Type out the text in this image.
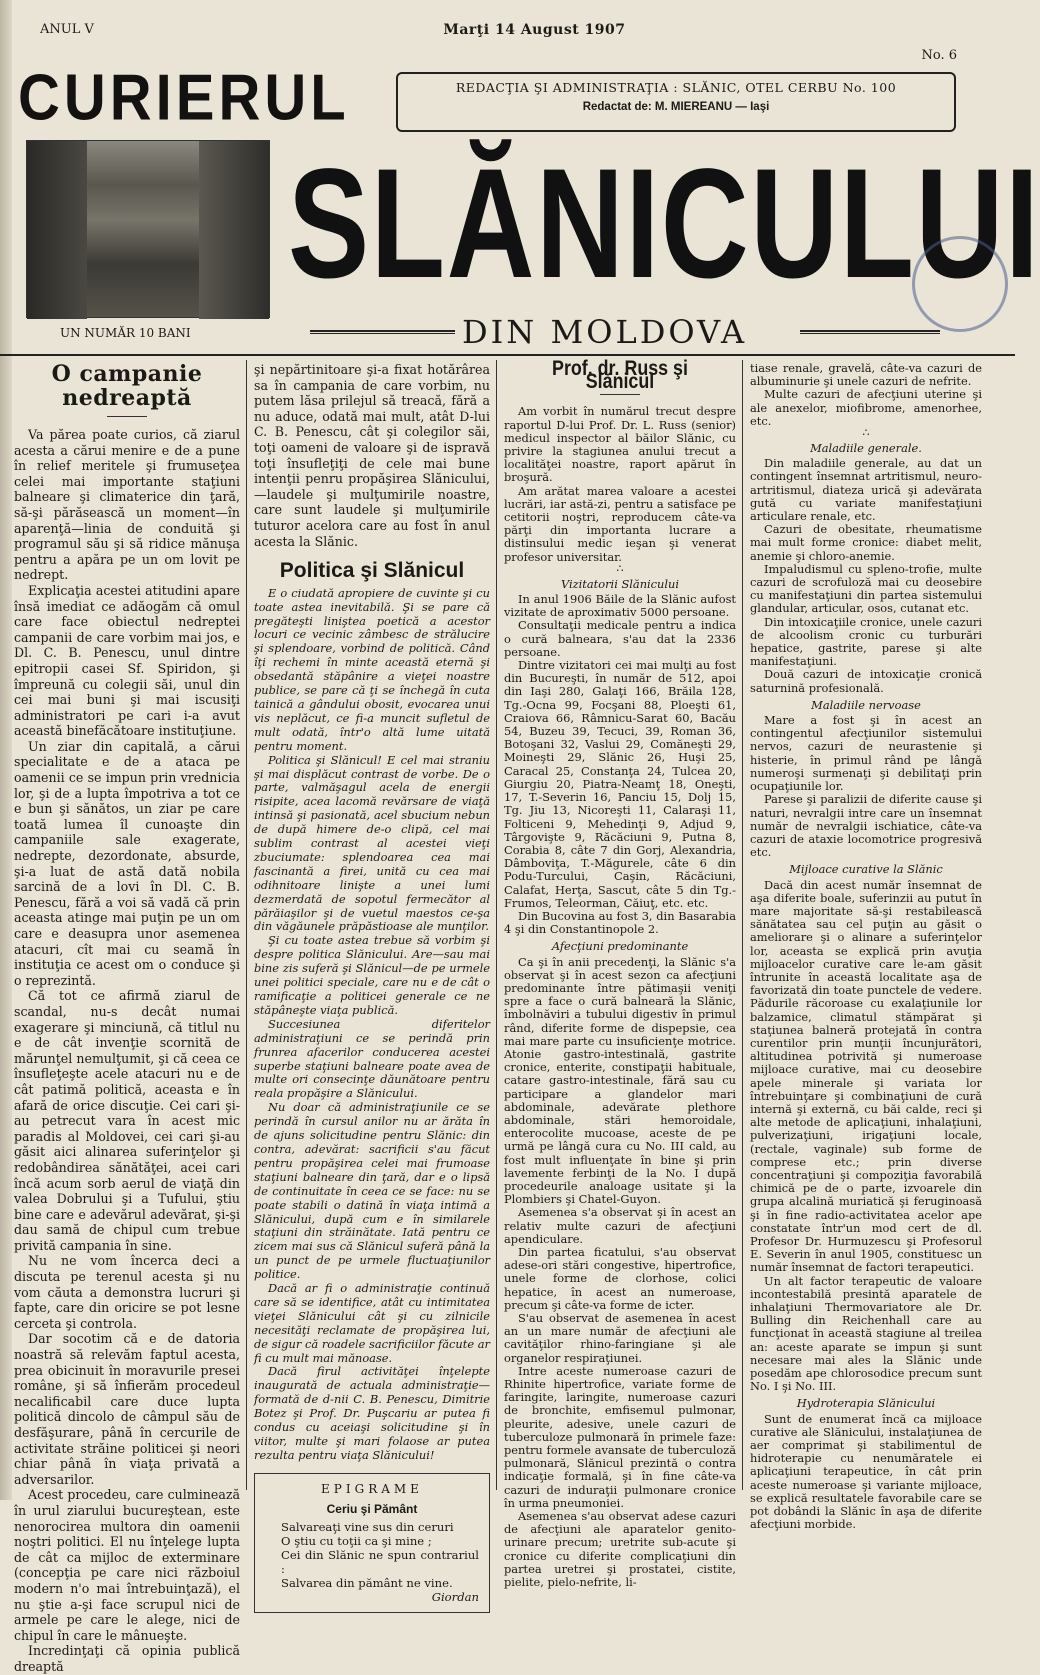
ANUL V	Marţi 14 August 1907
No. 6
CURIERUL	REDACŢIA ŞI ADMINISTRAŢIA : SLĂNIC, OTEL CERBU No. 100
Redactat de: M. MIEREANU — Iaşi
UN NUMĂR 10 BANI
SLĂNICULUI
DIN MOLDOVA
O campanie nedreaptă

Va părea poate curios, că ziarul acesta a cărui menire e de a pune în relief meritele şi frumuseţea celei mai importante staţiuni balneare şi climaterice din ţară, să-şi părăsească un moment—în aparenţă—linia de conduită şi programul său şi să ridice mănuşa pentru a apăra pe un om lovit pe nedrept.

Explicaţia acestei atitudini apare însă imediat ce adăogăm că omul care face obiectul nedreptei campanii de care vorbim mai jos, e Dl. C. B. Penescu, unul dintre epitropii casei Sf. Spiridon, şi împreună cu colegii săi, unul din cei mai buni şi mai iscusiţi administratori pe cari i-a avut această binefăcătoare instituţiune.

Un ziar din capitală, a cărui specialitate e de a ataca pe oamenii ce se impun prin vrednicia lor, şi de a lupta împotriva a tot ce e bun şi sănătos, un ziar pe care toată lumea îl cunoaşte din campaniile sale exagerate, nedrepte, dezordonate, absurde, şi-a luat de astă dată nobila sarcină de a lovi în Dl. C. B. Penescu, fără a voi să vadă că prin aceasta atinge mai puţin pe un om care e deasupra unor asemenea atacuri, cît mai cu seamă în instituţia ce acest om o conduce şi o reprezintă.

Că tot ce afirmă ziarul de scandal, nu-s decât numai exagerare şi minciună, că titlul nu e de cât invenţie scornită de mărunţel nemulţumit, şi că ceea ce însufleţeşte acele atacuri nu e de cât patimă politică, aceasta e în afară de orice discuţie. Cei cari şi-au petrecut vara în acest mic paradis al Moldovei, cei cari şi-au găsit aici alinarea suferinţelor şi redobândirea sănătăţei, acei cari încă acum sorb aerul de viaţă din valea Dobrului şi a Tufului, ştiu bine care e adevărul adevărat, şi-şi dau samă de chipul cum trebue privită campania în sine.

Nu ne vom încerca deci a discuta pe terenul acesta şi nu vom căuta a demonstra lucruri şi fapte, care din oricire se pot lesne cerceta şi controla.

Dar socotim că e de datoria noastră să relevăm faptul acesta, prea obicinuit în moravurile presei române, şi să înfierăm procedeul necalificabil care duce lupta politică dincolo de câmpul său de desfăşurare, până în cercurile de activitate străine politicei şi neori chiar până în viaţa privată a adversarilor.

Acest procedeu, care culminează în urul ziarului bucureştean, este nenorocirea multora din oamenii noştri politici. El nu înţelege lupta de cât ca mijloc de exterminare (concepţia pe care nici războiul modern n'o mai întrebuinţază), el nu ştie a-şi face scrupul nici de armele pe care le alege, nici de chipul în care le mânueşte.

Incredinţaţi că opinia publică dreaptă

şi nepărtinitoare şi-a fixat hotărârea sa în campania de care vorbim, nu putem lăsa prilejul să treacă, fără a nu aduce, odată mai mult, atât D-lui C. B. Penescu, cât şi colegilor săi, toţi oameni de valoare şi de ispravă toţi însufleţiţi de cele mai bune intenţii penru propăşirea Slănicului,—laudele şi mulţumirile noastre, care sunt laudele şi mulţumirile tuturor acelora care au fost în anul acesta la Slănic.

Politica şi Slănicul

E o ciudată apropiere de cuvinte şi cu toate astea inevitabilă. Şi se pare că pregăteşti liniştea poetică a acestor locuri ce vecinic zâmbesc de strălucire şi splendoare, vorbind de politică. Când îţi rechemi în minte această eternă şi obsedantă stăpânire a vieţei noastre publice, se pare că ţi se închegă în cuta tainică a gândului obosit, evocarea unui vis neplăcut, ce fi-a muncit sufletul de mult odată, într'o altă lume uitată pentru moment.

Politica şi Slănicul! E cel mai straniu şi mai displăcut contrast de vorbe. De o parte, valmăşagul acela de energii risipite, acea lacomă revărsare de viaţă intinsă şi pasionată, acel sbucium nebun de după himere de-o clipă, cel mai sublim contrast al acestei vieţi zbuciumate: splendoarea cea mai fascinantă a firei, unită cu cea mai odihnitoare linişte a unei lumi dezmerdată de sopotul fermecător al părăiaşilor şi de vuetul maestos ce-şa din văgăunele prăpăstioase ale munţilor.

Şi cu toate astea trebue să vorbim şi despre politica Slănicului. Are—sau mai bine zis suferă şi Slănicul—de pe urmele unei politici speciale, care nu e de cât o ramificaţie a politicei generale ce ne stăpâneşte viaţa publică.

Succesiunea diferitelor administraţiuni ce se perindă prin frunrea afacerilor conducerea acestei superbe staţiuni balneare poate avea de multe ori consecinţe dăunătoare pentru reala propăşire a Slănicului.

Nu doar că administraţiunile ce se perindă în cursul anilor nu ar ărăta în de ajuns solicitudine pentru Slănic: din contra, adevărat: sacrificii s'au făcut pentru propăşirea celei mai frumoase staţiuni balneare din ţară, dar e o lipsă de continuitate în ceea ce se face: nu se poate stabili o datină în viaţa intimă a Slănicului, după cum e în similarele staţiuni din străinătate. Iată pentru ce zicem mai sus că Slănicul suferă până la un punct de pe urmele fluctuaţiunilor politice.

Dacă ar fi o administraţie continuă care să se identifice, atât cu intimitatea vieţei Slănicului cât şi cu zilnicile necesităţi reclamate de propăşirea lui, de sigur că roadele sacrificiilor făcute ar fi cu mult mai mănoase.

Dacă firul activităţei înţelepte inaugurată de actuala administraţie—formată de d-nii C. B. Penescu, Dimitrie Botez şi Prof. Dr. Puşcariu ar putea fi condus cu aceiaşi solicitudine şi în viitor, multe şi mari folaose ar putea rezulta pentru viaţa Slănicului!

EPIGRAME
Ceriu şi Pământ
Salvareaţi vine sus din ceruri
O ştiu cu toţii ca şi mine ;
Cei din Slănic ne spun contrariul :
Salvarea din pământ ne vine.
Giordan
Prof. dr. Russ şi Slănicul

Am vorbit în numărul trecut despre raportul D-lui Prof. Dr. L. Russ (senior) medicul inspector al băilor Slănic, cu privire la stagiunea anului trecut a localităţei noastre, raport apărut în broşură.

Am arătat marea valoare a acestei lucrări, iar astă-zi, pentru a satisface pe cetitorii noştri, reproducem câte-va părţi din importanta lucrare a distinsului medic ieşan şi venerat profesor universitar.

∴
Vizitatorii Slănicului

In anul 1906 Băile de la Slănic aufost vizitate de aproximativ 5000 persoane.

Consultaţii medicale pentru a indica o cură balneara, s'au dat la 2336 persoane.

Dintre vizitatori cei mai mulţi au fost din Bucureşti, în număr de 512, apoi din Iaşi 280, Galaţi 166, Brăila 128, Tg.-Ocna 99, Focşani 88, Ploeşti 61, Craiova 66, Râmnicu-Sarat 60, Bacău 54, Buzeu 39, Tecuci, 39, Roman 36, Botoşani 32, Vaslui 29, Comăneşti 29, Moineşti 29, Slănic 26, Huşi 25, Caracal 25, Constanţa 24, Tulcea 20, Giurgiu 20, Piatra-Neamţ 18, Oneşti, 17, T.-Severin 16, Panciu 15, Dolj 15, Tg. Jiu 13, Nicoreşti 11, Calaraşi 11, Folticeni 9, Mehedinţi 9, Adjud 9, Târgovişte 9, Răcăciuni 9, Putna 8, Corabia 8, câte 7 din Gorj, Alexandria, Dâmboviţa, T.-Măgurele, câte 6 din Podu-Turcului, Caşin, Răcăciuni, Calafat, Herţa, Sascut, câte 5 din Tg.-Frumos, Teleorman, Căiuţ, etc. etc.

Din Bucovina au fost 3, din Basarabia 4 şi din Constantinopole 2.

Afecţiuni predominante

Ca şi în anii precedenţi, la Slănic s'a observat şi în acest sezon ca afecţiuni predominante între pătimaşii veniţi spre a face o cură balneară la Slănic, îmbolnăviri a tubului digestiv în primul rând, diferite forme de dispepsie, cea mai mare parte cu insuficienţe motrice. Atonie gastro-intestinală, gastrite cronice, enterite, constipaţii habituale, catare gastro-intestinale, fără sau cu participare a glandelor mari abdominale, adevărate plethore abdominale, stări hemoroidale, enterocolite mucoase, aceste de pe urmă pe lângă cura cu No. III cald, au fost mult influenţate în bine şi prin lavemente ferbinţi de la No. I după procedeurile analoage usitate şi la Plombiers şi Chatel-Guyon.

Asemenea s'a observat şi în acest an relativ multe cazuri de afecţiuni apendiculare.

Din partea ficatului, s'au observat adese-ori stări congestive, hipertrofice, unele forme de clorhose, colici hepatice, în acest an numeroase, precum şi câte-va forme de icter.

S'au observat de asemenea în acest an un mare număr de afecţiuni ale cavităţilor rhino-faringiane şi ale organelor respiraţiunei.

Intre aceste numeroase cazuri de Rhinite hipertrofice, variate forme de faringite, laringite, numeroase cazuri de bronchite, emfisemul pulmonar, pleurite, adesive, unele cazuri de tuberculoze pulmonară în primele faze: pentru formele avansate de tuberculoză pulmonară, Slănicul prezintă o contra indicaţie formală, şi în fine câte-va cazuri de induraţii pulmonare cronice în urma pneumoniei.

Asemenea s'au observat adese cazuri de afecţiuni ale aparatelor genito-urinare precum; uretrite sub-acute şi cronice cu diferite complicaţiuni din partea uretrei şi prostatei, cistite, pielite, pielo-nefrite, li-

tiase renale, gravelă, câte-va cazuri de albuminurie şi unele cazuri de nefrite.

Multe cazuri de afecţiuni uterine şi ale anexelor, miofibrome, amenorhee, etc.

∴
Maladiile generale.

Din maladiile generale, au dat un contingent însemnat artritismul, neuro-artritismul, diateza urică şi adevărata gută cu variate manifestaţiuni articulare renale, etc.

Cazuri de obesitate, rheumatisme mai mult forme cronice: diabet melit, anemie şi chloro-anemie.

Impaludismul cu spleno-trofie, multe cazuri de scrofuloză mai cu deosebire cu manifestaţiuni din partea sistemului glandular, articular, osos, cutanat etc.

Din intoxicaţiile cronice, unele cazuri de alcoolism cronic cu turburări hepatice, gastrite, parese şi alte manifestaţiuni.

Două cazuri de intoxicaţie cronică saturnină profesională.

Maladiile nervoase

Mare a fost şi în acest an contingentul afecţiunilor sistemului nervos, cazuri de neurastenie şi histerie, în primul rând pe lângă numeroşi surmenaţi şi debilitaţi prin ocupaţiunile lor.

Parese şi paralizii de diferite cause şi naturi, nevralgii intre care un însemnat număr de nevralgii ischiatice, câte-va cazuri de ataxie locomotrice progresivă etc.

Mijloace curative la Slănic

Dacă din acest număr însemnat de aşa diferite boale, suferinzii au putut în mare majoritate să-şi restabilească sănătatea sau cel puţin au găsit o ameliorare şi o alinare a suferinţelor lor, aceasta se explică prin avuţia mijloacelor curative care le-am găsit întrunite în această localitate aşa de favorizată din toate punctele de vedere. Pădurile răcoroase cu exalaţiunile lor balzamice, climatul stămpărat şi staţiunea balneră protejată în contra curentilor prin munţii încunjurători, altitudinea potrivită şi numeroase mijloace curative, mai cu deosebire apele minerale şi variata lor întrebuinţare şi combinaţiuni de cură internă şi externă, cu băi calde, reci şi alte metode de aplicaţiuni, inhalaţiuni, pulverizaţiuni, irigaţiuni locale, (rectale, vaginale) sub forme de comprese etc.; prin diverse concentraţiuni şi compoziţia favorabilă chimică pe de o parte, izvoarele din grupa alcalină muriatică şi feruginoasă şi în fine radio-activitatea acelor ape constatate într'un mod cert de dl. Profesor Dr. Hurmuzescu şi Profesorul E. Severin în anul 1905, constituesc un număr însemnat de factori terapeutici.

Un alt factor terapeutic de valoare incontestabilă presintă aparatele de inhalaţiuni Thermovariatore ale Dr. Bulling din Reichenhall care au funcţionat în această stagiune al treilea an: aceste aparate se impun şi sunt necesare mai ales la Slănic unde posedăm ape chlorosodice precum sunt No. I şi No. III.

Hydroterapia Slănicului

Sunt de enumerat încă ca mijloace curative ale Slănicului, instalaţiunea de aer comprimat şi stabilimentul de hidroterapie cu nenumăratele ei aplicaţiuni terapeutice, în cât prin aceste numeroase şi variante mijloace, se explică resultatele favorabile care se pot dobândi la Slănic în aşa de diferite afecţiuni morbide.
